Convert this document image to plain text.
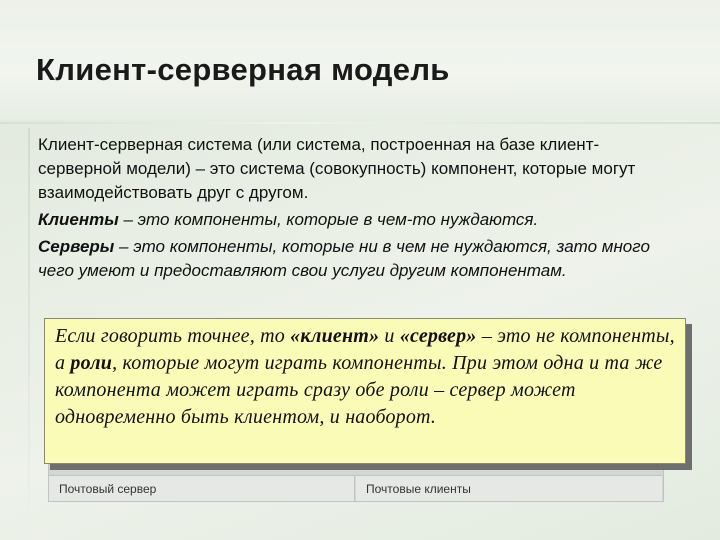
Клиент-серверная модель

Клиент-серверная система (или система, построенная на базе клиент-серверной модели) – это система (совокупность) компонент, которые могут взаимодействовать друг с другом.

Клиенты – это компоненты, которые в чем-то нуждаются.

Серверы – это компоненты, которые ни в чем не нуждаются, зато много чего умеют и предоставляют свои услуги другим компонентам.

Почтовый сервер	Почтовые клиенты
Если говорить точнее, то «клиент» и «сервер» – это не компоненты, а роли, которые могут играть компоненты. При этом одна и та же компонента может играть сразу обе роли – сервер может одновременно быть клиентом, и наоборот.
